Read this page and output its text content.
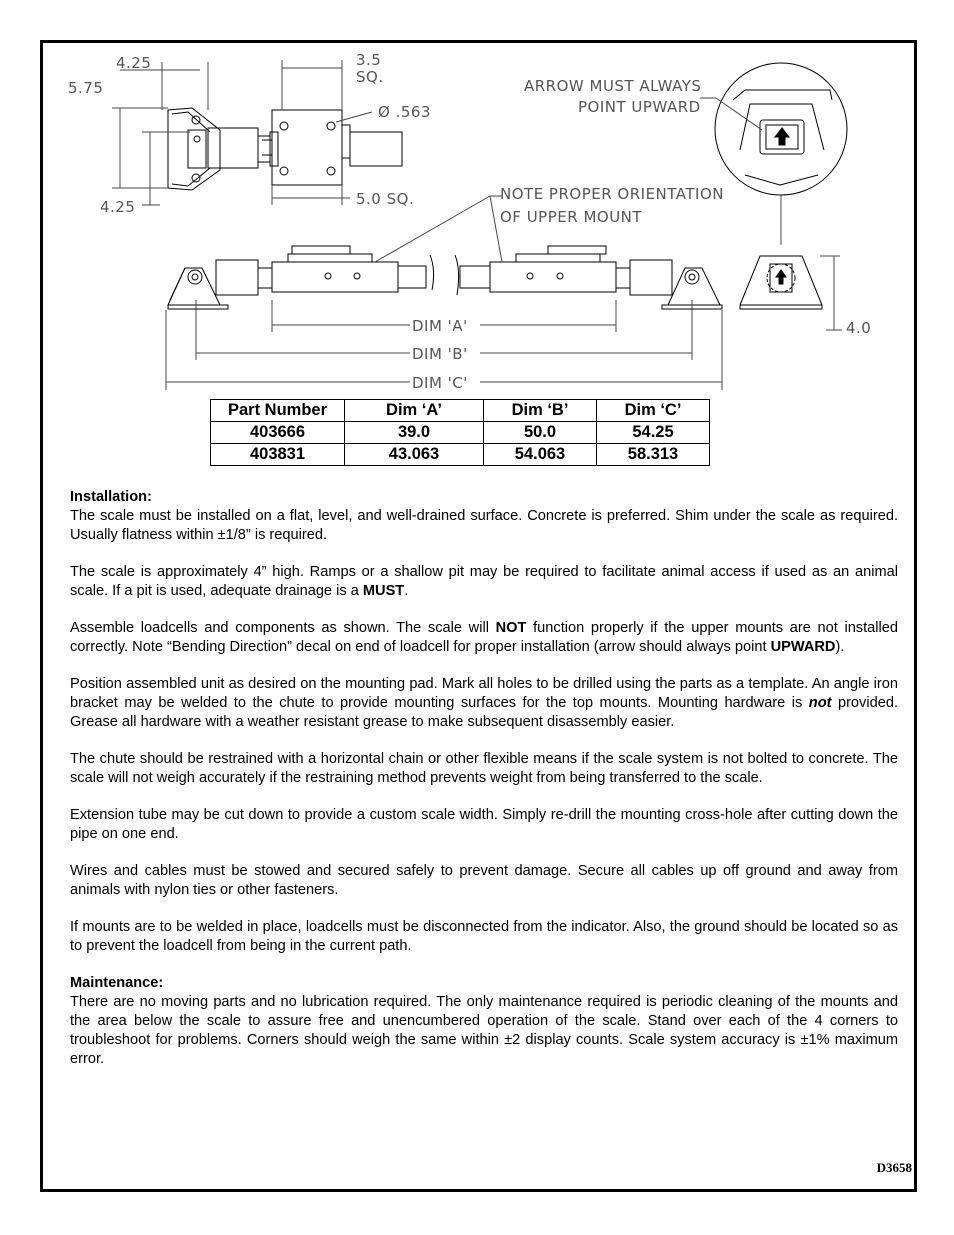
4.25
5.75
4.25
3.5
SQ.
Ø .563
5.0 SQ.
ARROW MUST ALWAYS
POINT UPWARD
NOTE PROPER ORIENTATION
OF UPPER MOUNT
DIM 'A'
DIM 'B'
DIM 'C'
4.0
Part Number	Dim ‘A’	Dim ‘B’	Dim ‘C’
403666	39.0	50.0	54.25
403831	43.063	54.063	58.313

Installation:
The scale must be installed on a flat, level, and well-drained surface. Concrete is preferred. Shim under the scale as required. Usually flatness within ±1/8” is required.

The scale is approximately 4” high. Ramps or a shallow pit may be required to facilitate animal access if used as an animal scale. If a pit is used, adequate drainage is a MUST.

Assemble loadcells and components as shown. The scale will NOT function properly if the upper mounts are not installed correctly. Note “Bending Direction” decal on end of loadcell for proper installation (arrow should always point UPWARD).

Position assembled unit as desired on the mounting pad. Mark all holes to be drilled using the parts as a template. An angle iron bracket may be welded to the chute to provide mounting surfaces for the top mounts. Mounting hardware is not provided. Grease all hardware with a weather resistant grease to make subsequent disassembly easier.

The chute should be restrained with a horizontal chain or other flexible means if the scale system is not bolted to concrete. The scale will not weigh accurately if the restraining method prevents weight from being transferred to the scale.

Extension tube may be cut down to provide a custom scale width. Simply re-drill the mounting cross-hole after cutting down the pipe on one end.

Wires and cables must be stowed and secured safely to prevent damage. Secure all cables up off ground and away from animals with nylon ties or other fasteners.

If mounts are to be welded in place, loadcells must be disconnected from the indicator. Also, the ground should be located so as to prevent the loadcell from being in the current path.

Maintenance:
There are no moving parts and no lubrication required. The only maintenance required is periodic cleaning of the mounts and the area below the scale to assure free and unencumbered operation of the scale. Stand over each of the 4 corners to troubleshoot for problems. Corners should weigh the same within ±2 display counts. Scale system accuracy is ±1% maximum error.

D3658
